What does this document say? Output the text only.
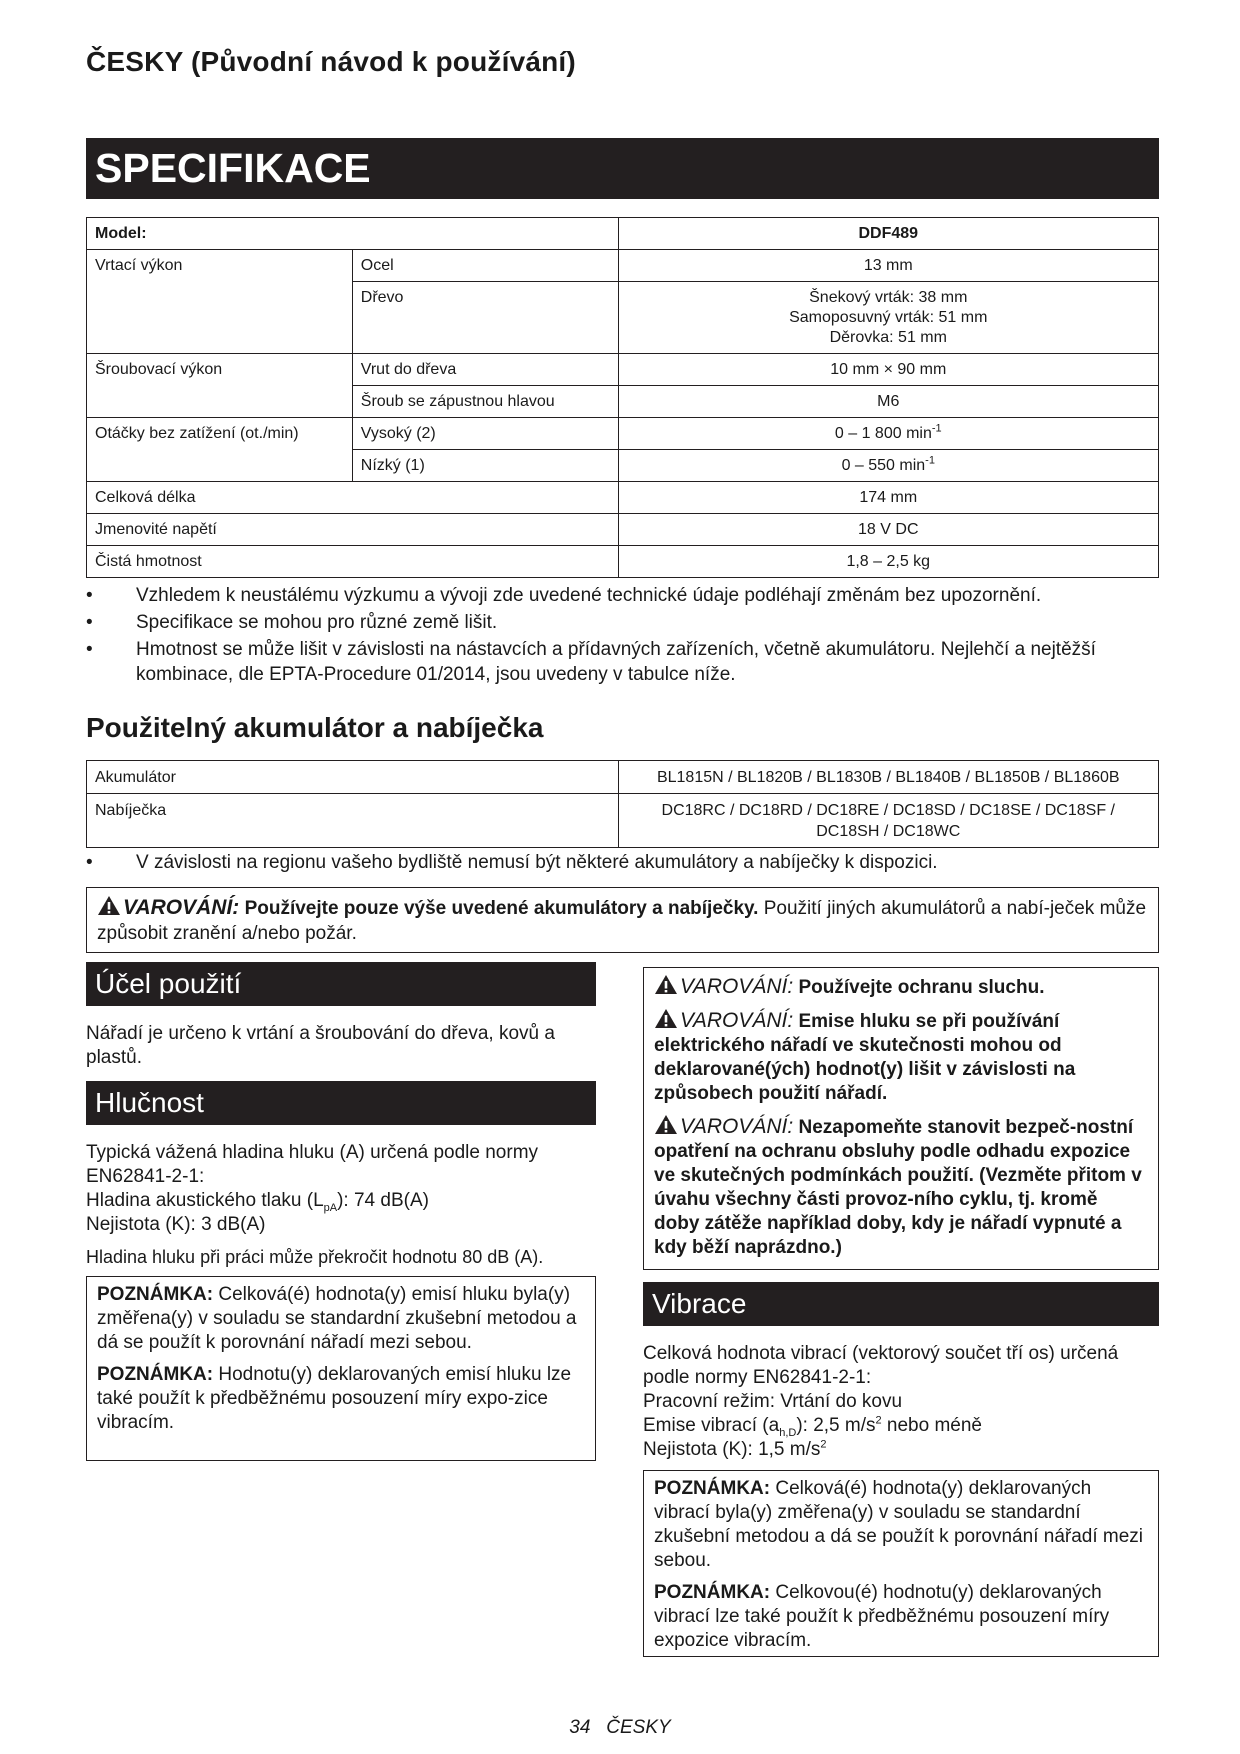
ČESKY (Původní návod k používání)
SPECIFIKACE
Model:		DDF489
Vrtací výkon	Ocel	13 mm
	Dřevo	Šnekový vrták: 38 mm
Samoposuvný vrták: 51 mm
Děrovka: 51 mm

Šroubovací výkon	Vrut do dřeva	10 mm × 90 mm
	Šroub se zápustnou hlavou	M6
Otáčky bez zatížení (ot./min)	Vysoký (2)	0 – 1 800 $\min^{-1}$
	Nízký (1)	0 – 550 $\min^{-1}$
Celková délka		174 mm
Jmenovité napětí		18 V DC
Čistá hmotnost		1,8 – 2,5 kg
• Vzhledem k neustálému výzkumu a vývoji zde uvedené technické údaje podléhají změnám bez upozornění.
• Specifikace se mohou pro různé země lišit.
• Hmotnost se může lišit v závislosti na nástavcích a přídavných zařízeních, včetně akumulátoru. Nejlehčí a nejtěžší kombinace, dle EPTA-Procedure 01/2014, jsou uvedeny v tabulce níže.
Použitelný akumulátor a nabíječka
Akumulátor	BL1815N / BL1820B / BL1830B / BL1840B / BL1850B / BL1860B
Nabíječka	DC18RC / DC18RD / DC18RE / DC18SD / DC18SE / DC18SF /
DC18SH / DC18WC
• V závislosti na regionu vašeho bydliště nemusí být některé akumulátory a nabíječky k dispozici.
VAROVÁNÍ: Používejte pouze výše uvedené akumulátory a nabíječky. Použití jiných akumulátorů a nabí-ječek může způsobit zranění a/nebo požár.
Účel použití

Nářadí je určeno k vrtání a šroubování do dřeva, kovů a plastů.

Hlučnost
Typická vážená hladina hluku (A) určená podle normy EN62841-2-1:
Hladina akustického tlaku $(L_{pA})$: 74 dB(A)
Nejistota (K): 3 dB(A)

Hladina hluku při práci může překročit hodnotu 80 dB (A).

POZNÁMKA: Celková(é) hodnota(y) emisí hluku byla(y) změřena(y) v souladu se standardní zkušební metodou a dá se použít k porovnání nářadí mezi sebou.

POZNÁMKA: Hodnotu(y) deklarovaných emisí hluku lze také použít k předběžnému posouzení míry expo-zice vibracím.

VAROVÁNÍ: Používejte ochranu sluchu.

VAROVÁNÍ: Emise hluku se při používání elektrického nářadí ve skutečnosti mohou od deklarované(ých) hodnot(y) lišit v závislosti na způsobech použití nářadí.

VAROVÁNÍ: Nezapomeňte stanovit bezpeč-nostní opatření na ochranu obsluhy podle odhadu expozice ve skutečných podmínkách použití. (Vezměte přitom v úvahu všechny části provoz-ního cyklu, tj. kromě doby zátěže například doby, kdy je nářadí vypnuté a kdy běží naprázdno.)

Vibrace
Celková hodnota vibrací (vektorový součet tří os) určená podle normy EN62841-2-1:
Pracovní režim: Vrtání do kovu
Emise vibrací $(a_{h,D})$: 2,5 $m/s^2$ nebo méně
Nejistota (K): 1,5 $m/s^2$

POZNÁMKA: Celková(é) hodnota(y) deklarovaných vibrací byla(y) změřena(y) v souladu se standardní zkušební metodou a dá se použít k porovnání nářadí mezi sebou.

POZNÁMKA: Celkovou(é) hodnotu(y) deklarovaných vibrací lze také použít k předběžnému posouzení míry expozice vibracím.

34 ČESKY
